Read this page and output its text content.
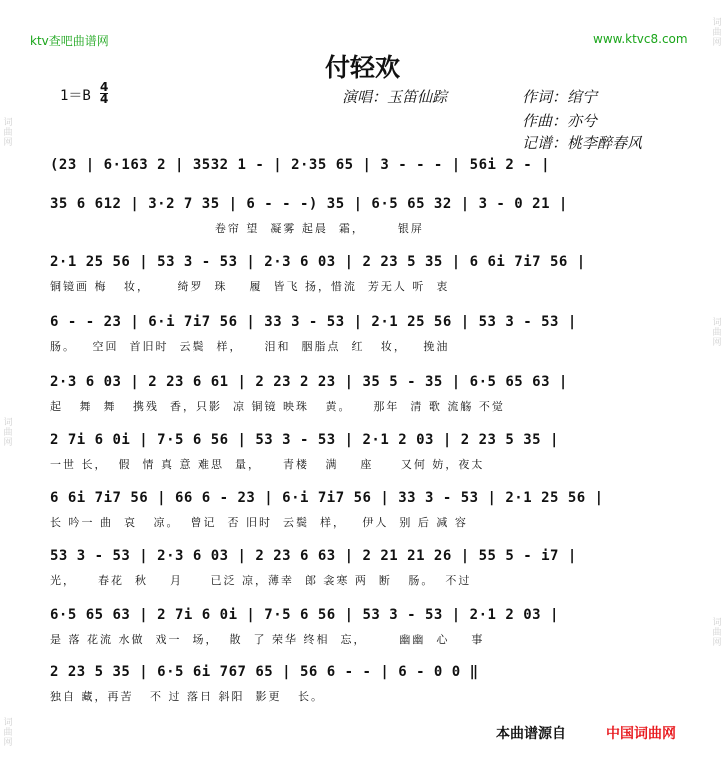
词
曲
网
词
曲
网
词
曲
网
词
曲
网
词
曲
网
词
曲
网
ktv查吧曲谱网	www.ktvc8.com
付轻欢
$1=B \frac{4}{4}$	演唱：玉笛仙踪	作词：绾宁
作曲：亦兮
记谱：桃李醉春风
(23 | 6·163 2 | 3532 1 - | 2·35 65 | 3 - - - | 56i 2 - |
35 6 612 | 3·2 7 35 | 6 - - -) 35 | 6·5 65 32 | 3 - 0 21 |
卷帘 望  凝雾 起晨  霜，      银屏
2·1 25 56 | 53 3 - 53 | 2·3 6 03 | 2 23 5 35 | 6 6i 7i7 56 |
铜镜画 梅   妆，     绮罗  珠    履  皆飞 扬，惜流  芳无人 听  衷
6 - - 23 | 6·i 7i7 56 | 33 3 - 53 | 2·1 25 56 | 53 3 - 53 |
肠。   空回  首旧时  云鬓  样，    泪和  胭脂点  红   妆，   挽油
2·3 6 03 | 2 23 6 61 | 2 23 2 23 | 35 5 - 35 | 6·5 65 63 |
起   舞  舞   携残  香，只影  凉 铜镜 映珠   黄。    那年  清 歌 流觞 不觉
2 7i 6 0i | 7·5 6 56 | 53 3 - 53 | 2·1 2 03 | 2 23 5 35 |
一世 长，  假  情 真 意 难思  量，    青楼   满    座     又何 妨，夜太
6 6i 7i7 56 | 66 6 - 23 | 6·i 7i7 56 | 33 3 - 53 | 2·1 25 56 |
长 吟一 曲  哀   凉。  曾记  否 旧时  云鬓  样，   伊人  别 后 减 容
53 3 - 53 | 2·3 6 03 | 2 23 6 63 | 2 21 21 26 | 55 5 - i7 |
光，    春花  秋    月     已泛 凉，薄幸  郎 衾寒 两  断   肠。  不过
6·5 65 63 | 2 7i 6 0i | 7·5 6 56 | 53 3 - 53 | 2·1 2 03 |
是 落 花流 水做  戏一  场，  散  了 荣华 终相  忘，      幽幽  心    事
2 23 5 35 | 6·5 6i 767 65 | 56 6 - - | 6 - 0 0 ‖
独自 藏，再苦   不 过 落日 斜阳  影更   长。
本曲谱源自	中国词曲网
